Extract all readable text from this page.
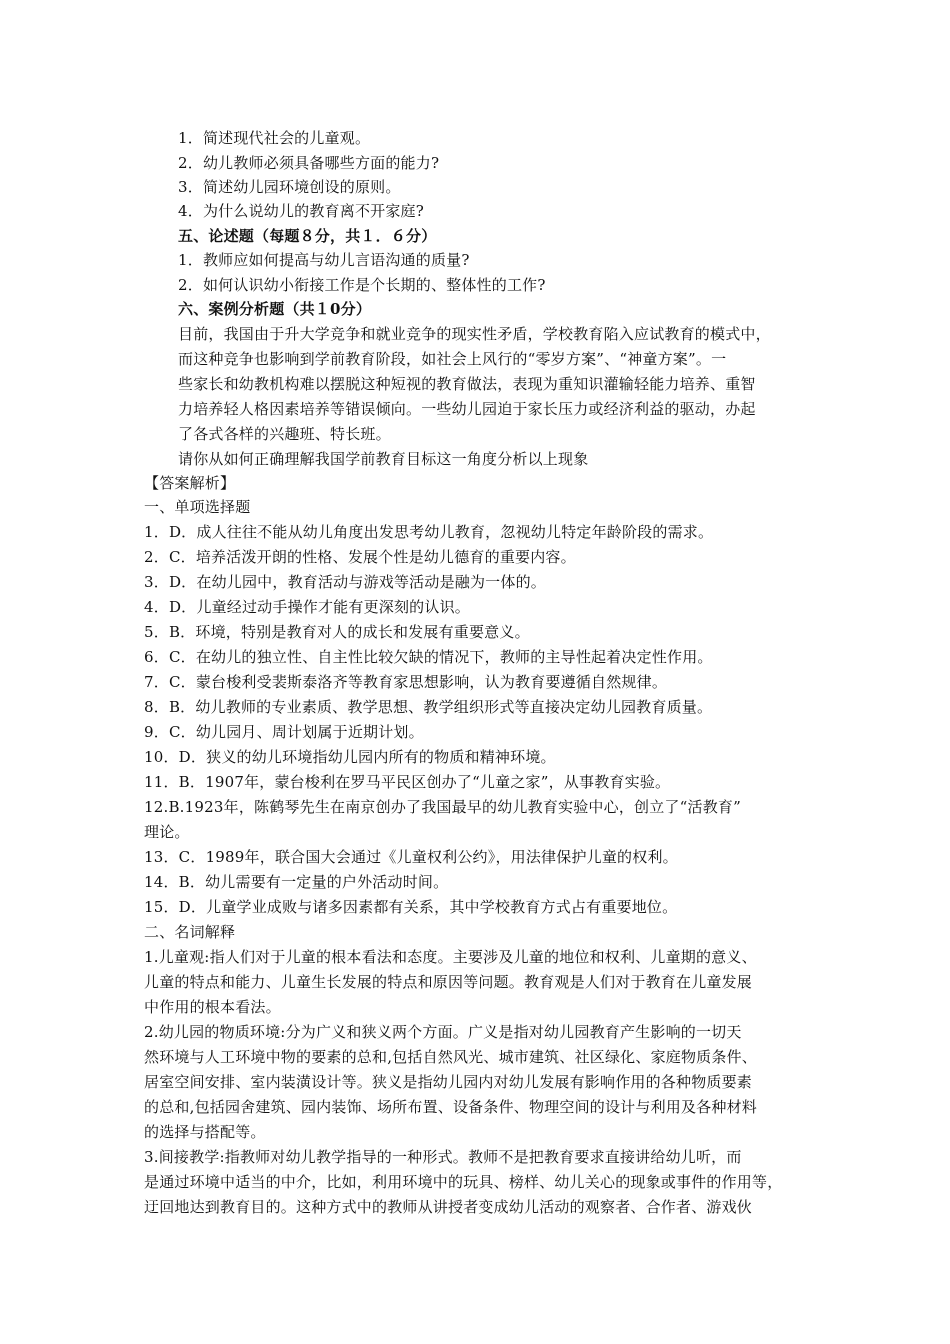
1．简述现代社会的儿童观。
2．幼儿教师必须具备哪些方面的能力?
3．简述幼儿园环境创设的原则。
4．为什么说幼儿的教育离不开家庭?
五、论述题（每题８分，共１．６分）
1．教师应如何提高与幼儿言语沟通的质量?
2．如何认识幼小衔接工作是个长期的、整体性的工作?
六、案例分析题（共１0分）
目前，我国由于升大学竞争和就业竞争的现实性矛盾，学校教育陷入应试教育的模式中，
而这种竞争也影响到学前教育阶段，如社会上风行的“零岁方案”、“神童方案”。一
些家长和幼教机构难以摆脱这种短视的教育做法，表现为重知识灌输轻能力培养、重智
力培养轻人格因素培养等错误倾向。一些幼儿园迫于家长压力或经济利益的驱动，办起
了各式各样的兴趣班、特长班。
请你从如何正确理解我国学前教育目标这一角度分析以上现象
【答案解析】
一、单项选择题
1．D．成人往往不能从幼儿角度出发思考幼儿教育，忽视幼儿特定年龄阶段的需求。
2．C．培养活泼开朗的性格、发展个性是幼儿德育的重要内容。
3．D．在幼儿园中，教育活动与游戏等活动是融为一体的。
4．D．儿童经过动手操作才能有更深刻的认识。
5．B．环境，特别是教育对人的成长和发展有重要意义。
6．C．在幼儿的独立性、自主性比较欠缺的情况下，教师的主导性起着决定性作用。
7．C．蒙台梭利受裴斯泰洛齐等教育家思想影响，认为教育要遵循自然规律。
8．B．幼儿教师的专业素质、教学思想、教学组织形式等直接决定幼儿园教育质量。
9．C．幼儿园月、周计划属于近期计划。
10．D．狭义的幼儿环境指幼儿园内所有的物质和精神环境。
11．B．1907年，蒙台梭利在罗马平民区创办了“儿童之家”，从事教育实验。
12.B.1923年，陈鹤琴先生在南京创办了我国最早的幼儿教育实验中心，创立了“活教育”
理论。
13．C．1989年，联合国大会通过《儿童权利公约》，用法律保护儿童的权利。
14．B．幼儿需要有一定量的户外活动时间。
15．D．儿童学业成败与诸多因素都有关系，其中学校教育方式占有重要地位。
二、名词解释
1.儿童观:指人们对于儿童的根本看法和态度。主要涉及儿童的地位和权利、儿童期的意义、
儿童的特点和能力、儿童生长发展的特点和原因等问题。教育观是人们对于教育在儿童发展
中作用的根本看法。
2.幼儿园的物质环境:分为广义和狭义两个方面。广义是指对幼儿园教育产生影响的一切天
然环境与人工环境中物的要素的总和,包括自然风光、城市建筑、社区绿化、家庭物质条件、
居室空间安排、室内装潢设计等。狭义是指幼儿园内对幼儿发展有影响作用的各种物质要素
的总和,包括园舍建筑、园内装饰、场所布置、设备条件、物理空间的设计与利用及各种材料
的选择与搭配等。
3.间接教学:指教师对幼儿教学指导的一种形式。教师不是把教育要求直接讲给幼儿听，而
是通过环境中适当的中介，比如，利用环境中的玩具、榜样、幼儿关心的现象或事件的作用等，
迂回地达到教育目的。这种方式中的教师从讲授者变成幼儿活动的观察者、合作者、游戏伙
